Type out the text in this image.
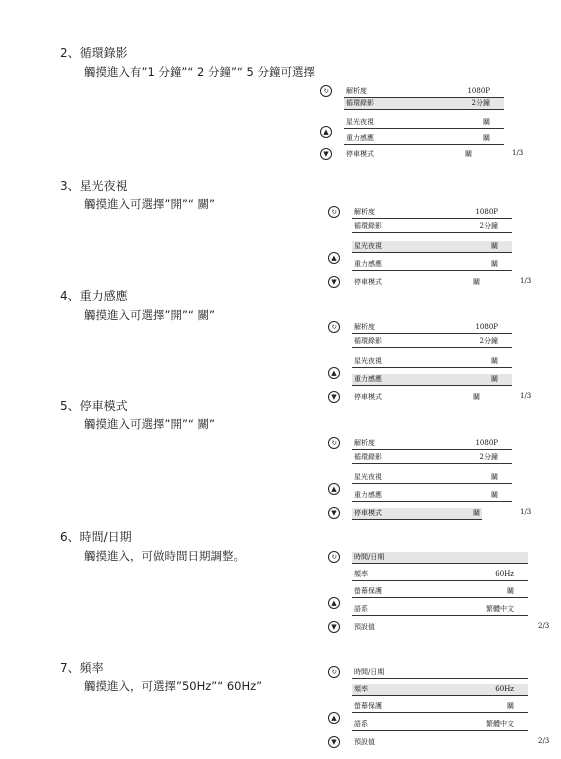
2、循環錄影
觸摸進入有”1 分鐘”“ 2 分鐘”“ 5 分鐘可選擇
3、星光夜視
觸摸進入可選擇”開”“ 關”
4、重力感應
觸摸進入可選擇”開”“ 關”
5、停車模式
觸摸進入可選擇”開”“ 關”
6、時間/日期
觸摸進入，可做時間日期調整。
7、頻率
觸摸進入，可選擇”50Hz”“ 60Hz”
↻
▲
▼
解析度	1080P
循環錄影	2分鐘
星光夜視	關
重力感應	關
停車模式	關	1/3
↻
▲
▼
解析度	1080P
循環錄影	2分鐘
星光夜視	關
重力感應	關
停車模式	關	1/3
↻
▲
▼
解析度	1080P
循環錄影	2分鐘
星光夜視	關
重力感應	關
停車模式	關	1/3
↻
▲
▼
解析度	1080P
循環錄影	2分鐘
星光夜視	關
重力感應	關
停車模式	關	1/3
↻
▲
▼
時間/日期
頻率	60Hz
螢幕保護	關
語系	繁體中文
預設值	2/3
↻
▲
▼
時間/日期
頻率	60Hz
螢幕保護	關
語系	繁體中文
預設值	2/3
